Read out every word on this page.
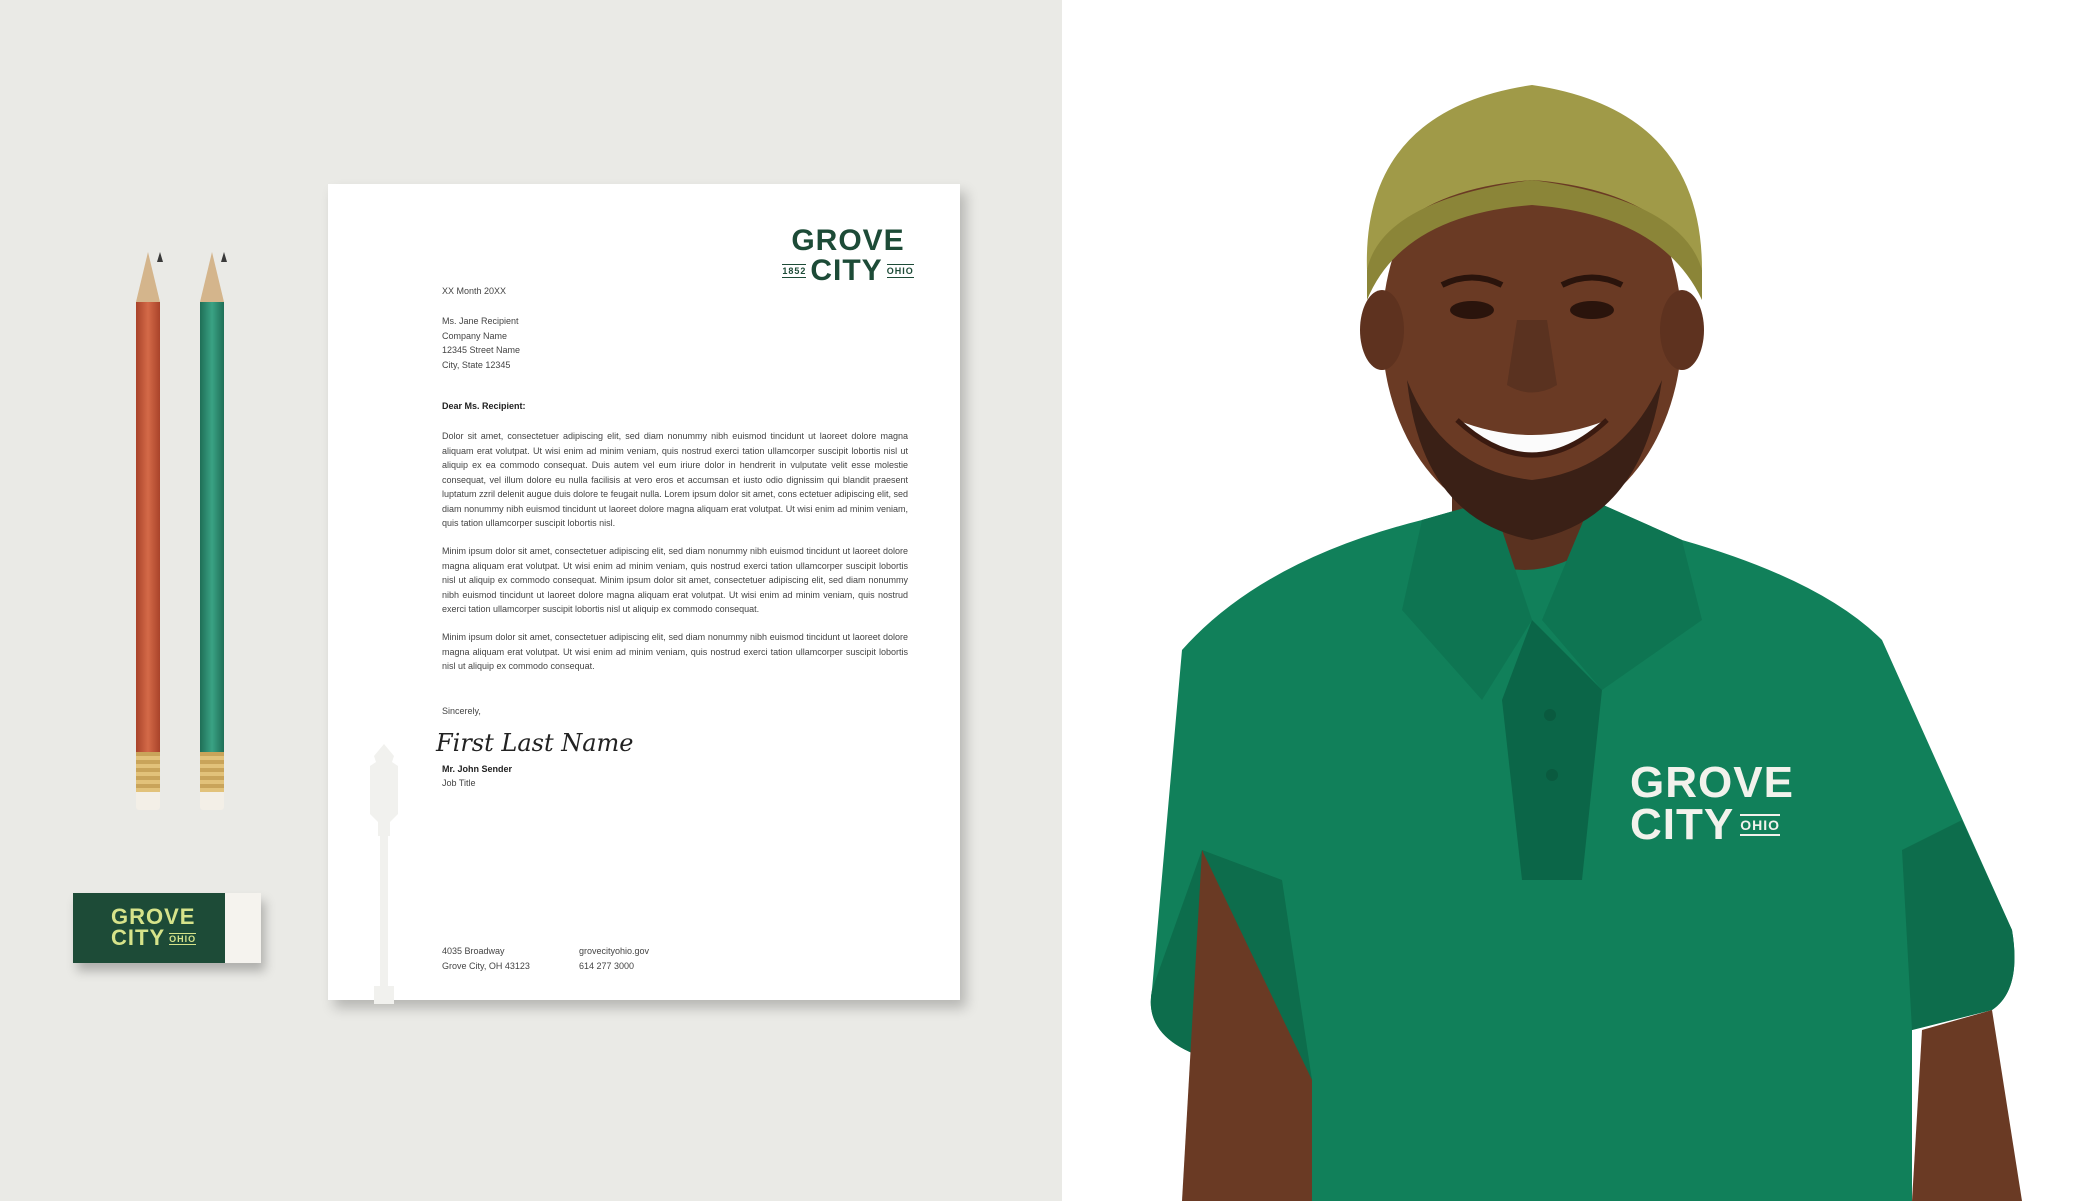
GROVE
CITY OHIO
GROVE
1852 CITY OHIO
XX Month 20XX
Ms. Jane Recipient
Company Name
12345 Street Name
City, State 12345
Dear Ms. Recipient:
Dolor sit amet, consectetuer adipiscing elit, sed diam nonummy nibh euismod tincidunt ut laoreet dolore magna aliquam erat volutpat. Ut wisi enim ad minim veniam, quis nostrud exerci tation ullamcorper suscipit lobortis nisl ut aliquip ex ea commodo consequat. Duis autem vel eum iriure dolor in hendrerit in vulputate velit esse molestie consequat, vel illum dolore eu nulla facilisis at vero eros et accumsan et iusto odio dignissim qui blandit praesent luptatum zzril delenit augue duis dolore te feugait nulla. Lorem ipsum dolor sit amet, cons ectetuer adipiscing elit, sed diam nonummy nibh euismod tincidunt ut laoreet dolore magna aliquam erat volutpat. Ut wisi enim ad minim veniam, quis tation ullamcorper suscipit lobortis nisl.
Minim ipsum dolor sit amet, consectetuer adipiscing elit, sed diam nonummy nibh euismod tincidunt ut laoreet dolore magna aliquam erat volutpat. Ut wisi enim ad minim veniam, quis nostrud exerci tation ullamcorper suscipit lobortis nisl ut aliquip ex commodo consequat. Minim ipsum dolor sit amet, consectetuer adipiscing elit, sed diam nonummy nibh euismod tincidunt ut laoreet dolore magna aliquam erat volutpat. Ut wisi enim ad minim veniam, quis nostrud exerci tation ullamcorper suscipit lobortis nisl ut aliquip ex commodo consequat.
Minim ipsum dolor sit amet, consectetuer adipiscing elit, sed diam nonummy nibh euismod tincidunt ut laoreet dolore magna aliquam erat volutpat. Ut wisi enim ad minim veniam, quis nostrud exerci tation ullamcorper suscipit lobortis nisl ut aliquip ex commodo consequat.
Sincerely,
First Last Name
Mr. John Sender
Job Title
4035 Broadway
Grove City, OH 43123
grovecityohio.gov
614 277 3000
GROVE
CITY OHIO
